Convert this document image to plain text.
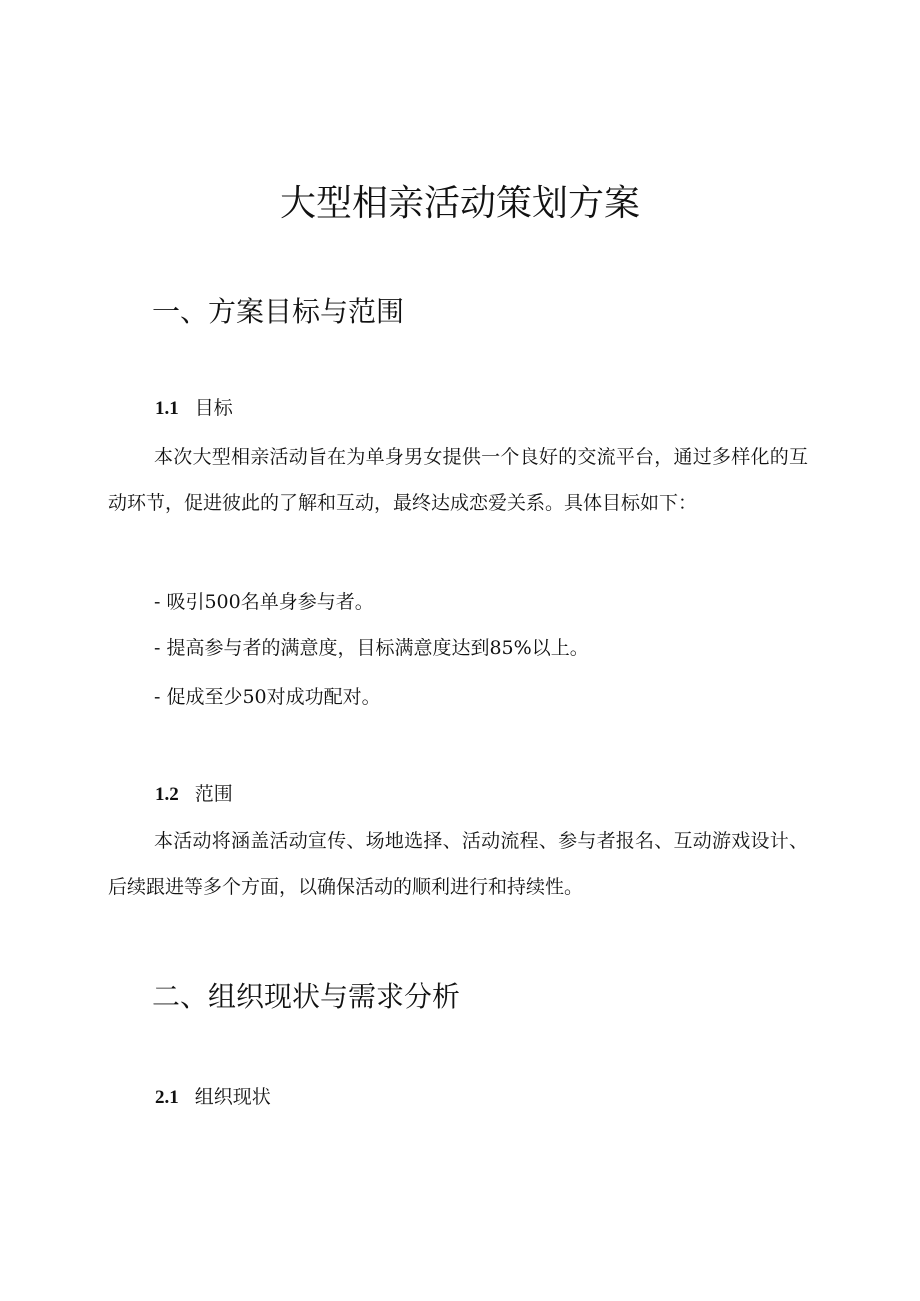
大型相亲活动策划方案
一、方案目标与范围
1.1 目标

本次大型相亲活动旨在为单身男女提供一个良好的交流平台，通过多样化的互动环节，促进彼此的了解和互动，最终达成恋爱关系。具体目标如下：

- 吸引500名单身参与者。

- 提高参与者的满意度，目标满意度达到85%以上。

- 促成至少50对成功配对。

1.2 范围

本活动将涵盖活动宣传、场地选择、活动流程、参与者报名、互动游戏设计、后续跟进等多个方面，以确保活动的顺利进行和持续性。

二、组织现状与需求分析
2.1 组织现状
